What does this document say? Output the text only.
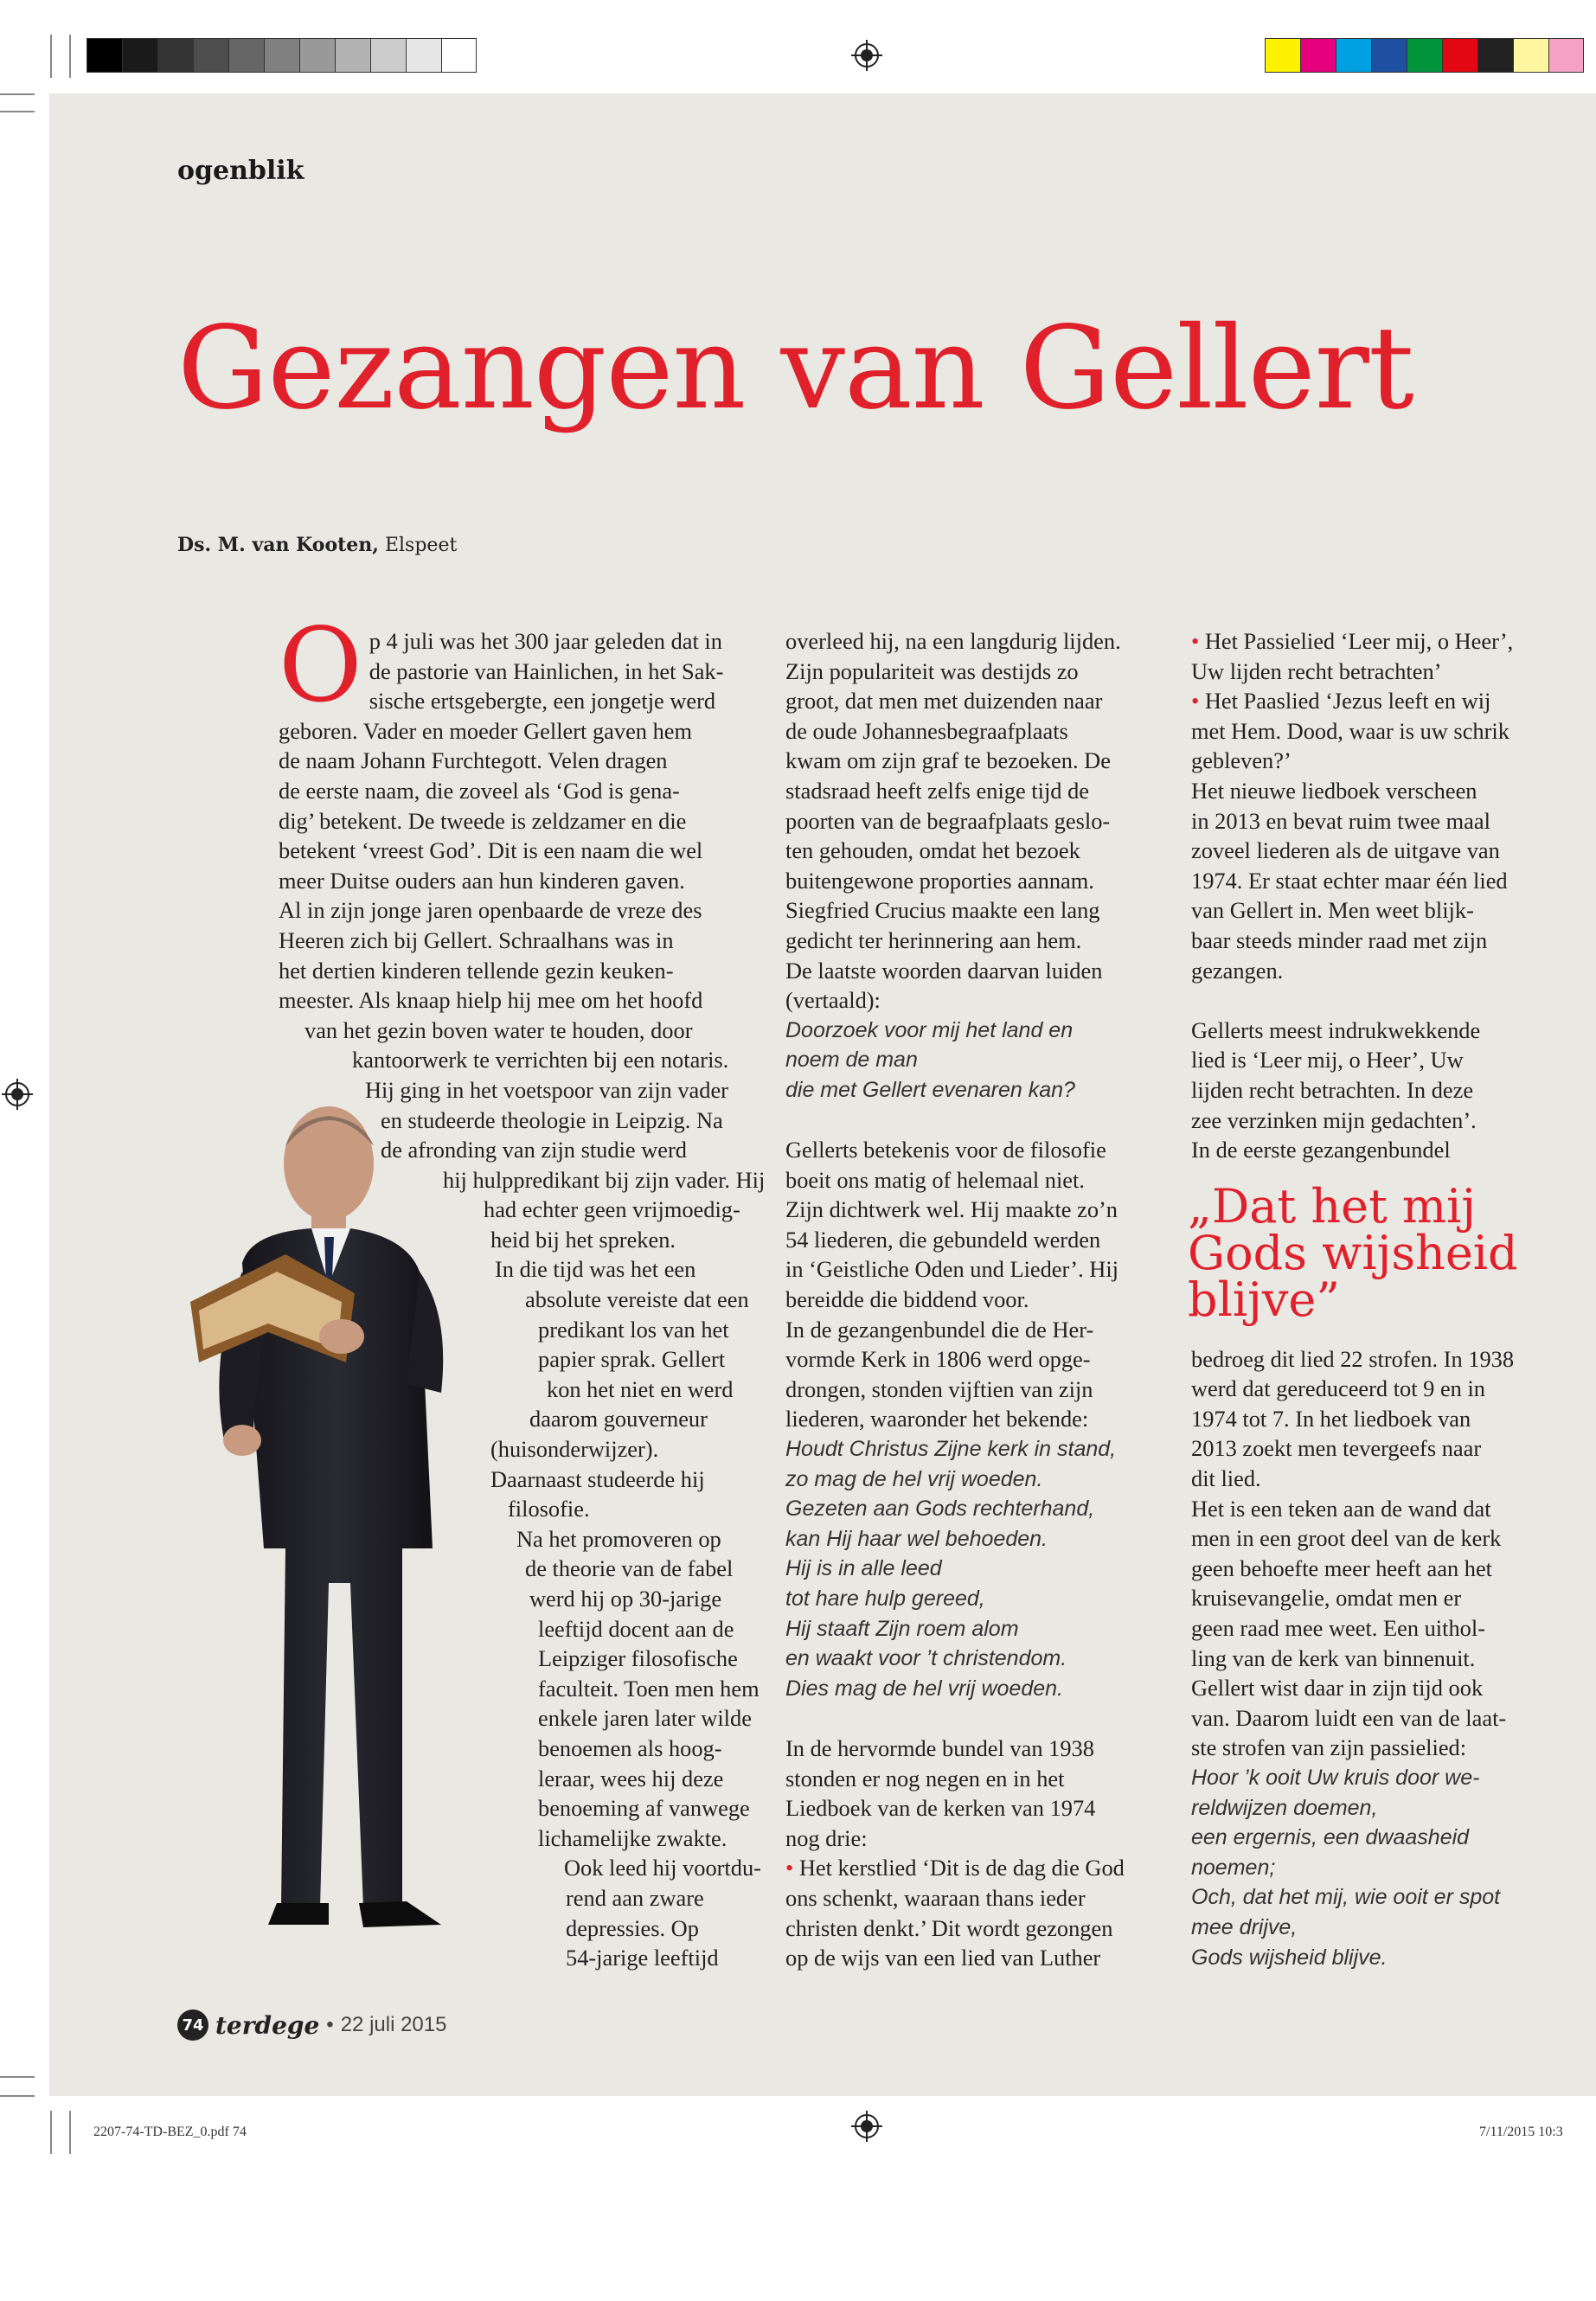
ogenblik
Gezangen van Gellert
Ds. M. van Kooten, Elspeet
O p 4 juli was het 300 jaar geleden dat in
de pastorie van Hainlichen, in het Sak-
sische ertsgebergte, een jongetje werd
geboren. Vader en moeder Gellert gaven hem
de naam Johann Furchtegott. Velen dragen
de eerste naam, die zoveel als ‘God is gena-
dig’ betekent. De tweede is zeldzamer en die
betekent ‘vreest God’. Dit is een naam die wel
meer Duitse ouders aan hun kinderen gaven.
Al in zijn jonge jaren openbaarde de vreze des
Heeren zich bij Gellert. Schraalhans was in
het dertien kinderen tellende gezin keuken-
meester. Als knaap hielp hij mee om het hoofd
van het gezin boven water te houden, door
kantoorwerk te verrichten bij een notaris.
Hij ging in het voetspoor van zijn vader
en studeerde theologie in Leipzig. Na
de afronding van zijn studie werd
hij hulppredikant bij zijn vader. Hij
had echter geen vrijmoedig-
heid bij het spreken.
In die tijd was het een
absolute vereiste dat een
predikant los van het
papier sprak. Gellert
kon het niet en werd
daarom gouverneur
(huisonderwijzer).
Daarnaast studeerde hij
filosofie.
Na het promoveren op
de theorie van de fabel
werd hij op 30-jarige
leeftijd docent aan de
Leipziger filosofische
faculteit. Toen men hem
enkele jaren later wilde
benoemen als hoog-
leraar, wees hij deze
benoeming af vanwege
lichamelijke zwakte.
Ook leed hij voortdu-
rend aan zware
depressies. Op
54-jarige leeftijd
overleed hij, na een langdurig lijden.
Zijn populariteit was destijds zo
groot, dat men met duizenden naar
de oude Johannesbegraafplaats
kwam om zijn graf te bezoeken. De
stadsraad heeft zelfs enige tijd de
poorten van de begraafplaats geslo-
ten gehouden, omdat het bezoek
buitengewone proporties aannam.
Siegfried Crucius maakte een lang
gedicht ter herinnering aan hem.
De laatste woorden daarvan luiden
(vertaald):
Doorzoek voor mij het land en
noem de man
die met Gellert evenaren kan?
Gellerts betekenis voor de filosofie
boeit ons matig of helemaal niet.
Zijn dichtwerk wel. Hij maakte zo’n
54 liederen, die gebundeld werden
in ‘Geistliche Oden und Lieder’. Hij
bereidde die biddend voor.
In de gezangenbundel die de Her-
vormde Kerk in 1806 werd opge-
drongen, stonden vijftien van zijn
liederen, waaronder het bekende:
Houdt Christus Zijne kerk in stand,
zo mag de hel vrij woeden.
Gezeten aan Gods rechterhand,
kan Hij haar wel behoeden.
Hij is in alle leed
tot hare hulp gereed,
Hij staaft Zijn roem alom
en waakt voor ’t christendom.
Dies mag de hel vrij woeden.
In de hervormde bundel van 1938
stonden er nog negen en in het
Liedboek van de kerken van 1974
nog drie:
• Het kerstlied ‘Dit is de dag die God
ons schenkt, waaraan thans ieder
christen denkt.’ Dit wordt gezongen
op de wijs van een lied van Luther
• Het Passielied ‘Leer mij, o Heer’,
Uw lijden recht betrachten’
• Het Paaslied ‘Jezus leeft en wij
met Hem. Dood, waar is uw schrik
gebleven?’
Het nieuwe liedboek verscheen
in 2013 en bevat ruim twee maal
zoveel liederen als de uitgave van
1974. Er staat echter maar één lied
van Gellert in. Men weet blijk-
baar steeds minder raad met zijn
gezangen.
Gellerts meest indrukwekkende
lied is ‘Leer mij, o Heer’, Uw
lijden recht betrachten. In deze
zee verzinken mijn gedachten’.
In de eerste gezangenbundel
bedroeg dit lied 22 strofen. In 1938
werd dat gereduceerd tot 9 en in
1974 tot 7. In het liedboek van
2013 zoekt men tevergeefs naar
dit lied.
Het is een teken aan de wand dat
men in een groot deel van de kerk
geen behoefte meer heeft aan het
kruisevangelie, omdat men er
geen raad mee weet. Een uithol-
ling van de kerk van binnenuit.
Gellert wist daar in zijn tijd ook
van. Daarom luidt een van de laat-
ste strofen van zijn passielied:
Hoor ’k ooit Uw kruis door we-
reldwijzen doemen,
een ergernis, een dwaasheid
noemen;
Och, dat het mij, wie ooit er spot
mee drijve,
Gods wijsheid blijve.
„Dat het mij
Gods wijsheid
blijve”
74 terdege • 22 juli 2015
2207-74-TD-BEZ_0.pdf 74	7/11/2015 10:3
